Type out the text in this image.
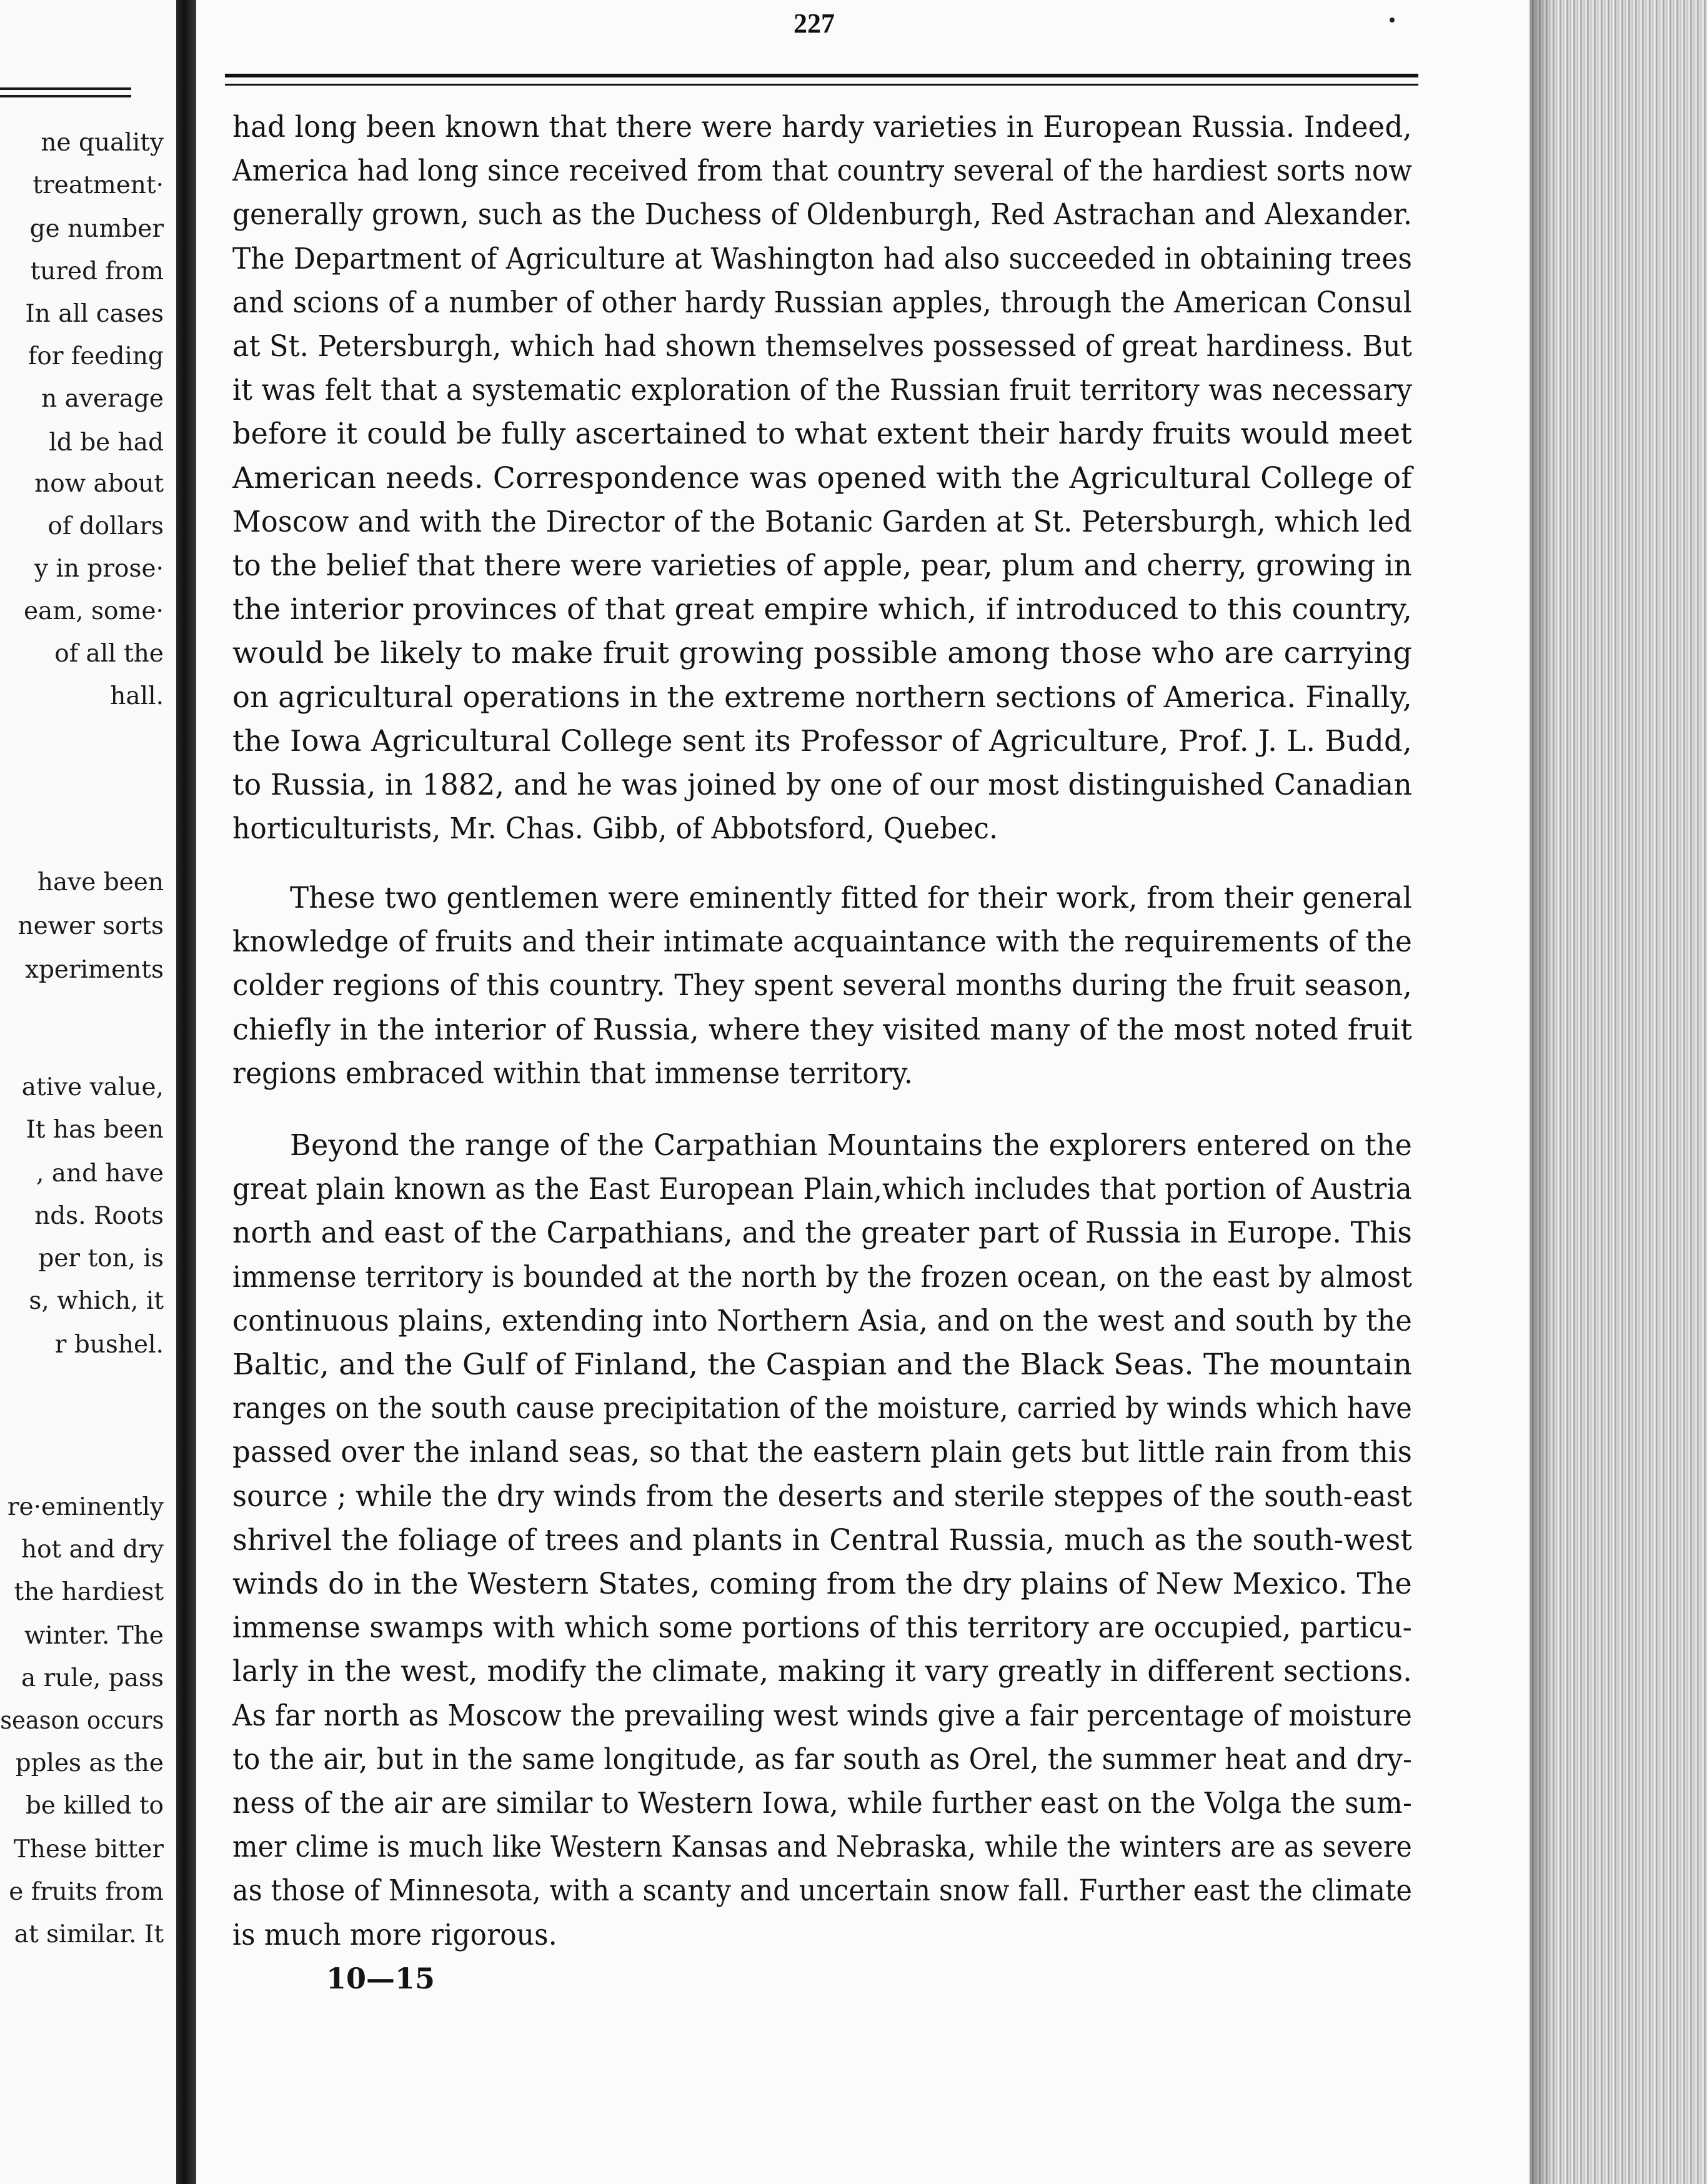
ne quality

treatment·

ge number

tured from

In all cases

for feeding

n average

ld be had

now about

of dollars

y in prose·

eam, some·

of all the

hall.

have been

newer sorts

xperiments

ative value,

It has been

, and have

nds. Roots

per ton, is

s, which, it

r bushel.

re·eminently

hot and dry

the hardiest

winter. The

a rule, pass

season occurs

pples as the

be killed to

These bitter

e fruits from

at similar. It

227

had long been known that there were hardy varieties in European Russia. Indeed,
America had long since received from that country several of the hardiest sorts now
generally grown, such as the Duchess of Oldenburgh, Red Astrachan and Alexander.
The Department of Agriculture at Washington had also succeeded in obtaining trees
and scions of a number of other hardy Russian apples, through the American Consul
at St. Petersburgh, which had shown themselves possessed of great hardiness. But
it was felt that a systematic exploration of the Russian fruit territory was necessary
before it could be fully ascertained to what extent their hardy fruits would meet
American needs. Correspondence was opened with the Agricultural College of
Moscow and with the Director of the Botanic Garden at St. Petersburgh, which led
to the belief that there were varieties of apple, pear, plum and cherry, growing in
the interior provinces of that great empire which, if introduced to this country,
would be likely to make fruit growing possible among those who are carrying
on agricultural operations in the extreme northern sections of America. Finally,
the Iowa Agricultural College sent its Professor of Agriculture, Prof. J. L. Budd,
to Russia, in 1882, and he was joined by one of our most distinguished Canadian
horticulturists, Mr. Chas. Gibb, of Abbotsford, Quebec.
These two gentlemen were eminently fitted for their work, from their general
knowledge of fruits and their intimate acquaintance with the requirements of the
colder regions of this country. They spent several months during the fruit season,
chiefly in the interior of Russia, where they visited many of the most noted fruit
regions embraced within that immense territory.
Beyond the range of the Carpathian Mountains the explorers entered on the
great plain known as the East European Plain,which includes that portion of Austria
north and east of the Carpathians, and the greater part of Russia in Europe. This
immense territory is bounded at the north by the frozen ocean, on the east by almost
continuous plains, extending into Northern Asia, and on the west and south by the
Baltic, and the Gulf of Finland, the Caspian and the Black Seas. The mountain
ranges on the south cause precipitation of the moisture, carried by winds which have
passed over the inland seas, so that the eastern plain gets but little rain from this
source ; while the dry winds from the deserts and sterile steppes of the south-east
shrivel the foliage of trees and plants in Central Russia, much as the south-west
winds do in the Western States, coming from the dry plains of New Mexico. The
immense swamps with which some portions of this territory are occupied, particu-
larly in the west, modify the climate, making it vary greatly in different sections.
As far north as Moscow the prevailing west winds give a fair percentage of moisture
to the air, but in the same longitude, as far south as Orel, the summer heat and dry-
ness of the air are similar to Western Iowa, while further east on the Volga the sum-
mer clime is much like Western Kansas and Nebraska, while the winters are as severe
as those of Minnesota, with a scanty and uncertain snow fall. Further east the climate
is much more rigorous.

10—15
